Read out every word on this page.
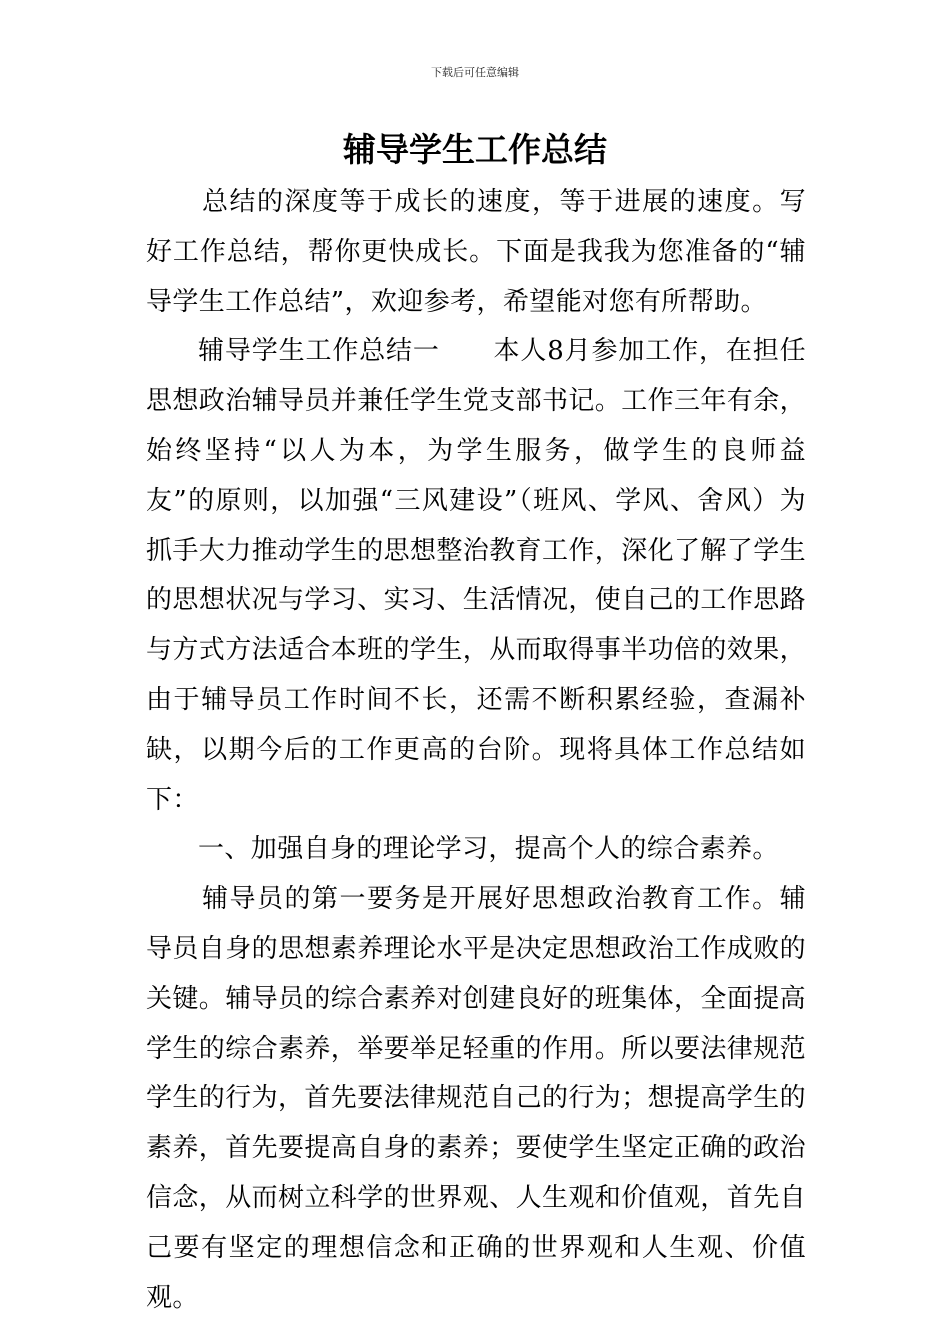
下载后可任意编辑
辅导学生工作总结

总结的深度等于成长的速度，等于进展的速度。写好工作总结，帮你更快成长。下面是我我为您准备的“辅导学生工作总结”，欢迎参考，希望能对您有所帮助。

辅导学生工作总结一　　本人8月参加工作，在担任思想政治辅导员并兼任学生党支部书记。工作三年有余，始终坚持“以人为本，为学生服务，做学生的良师益友”的原则，以加强“三风建设”（班风、学风、舍风）为抓手大力推动学生的思想整治教育工作，深化了解了学生的思想状况与学习、实习、生活情况，使自己的工作思路与方式方法适合本班的学生，从而取得事半功倍的效果，由于辅导员工作时间不长，还需不断积累经验，查漏补缺，以期今后的工作更高的台阶。现将具体工作总结如下：

一、加强自身的理论学习，提高个人的综合素养。

辅导员的第一要务是开展好思想政治教育工作。辅导员自身的思想素养理论水平是决定思想政治工作成败的关键。辅导员的综合素养对创建良好的班集体，全面提高学生的综合素养，举要举足轻重的作用。所以要法律规范学生的行为，首先要法律规范自己的行为；想提高学生的素养，首先要提高自身的素养；要使学生坚定正确的政治信念，从而树立科学的世界观、人生观和价值观，首先自己要有坚定的理想信念和正确的世界观和人生观、价值观。
